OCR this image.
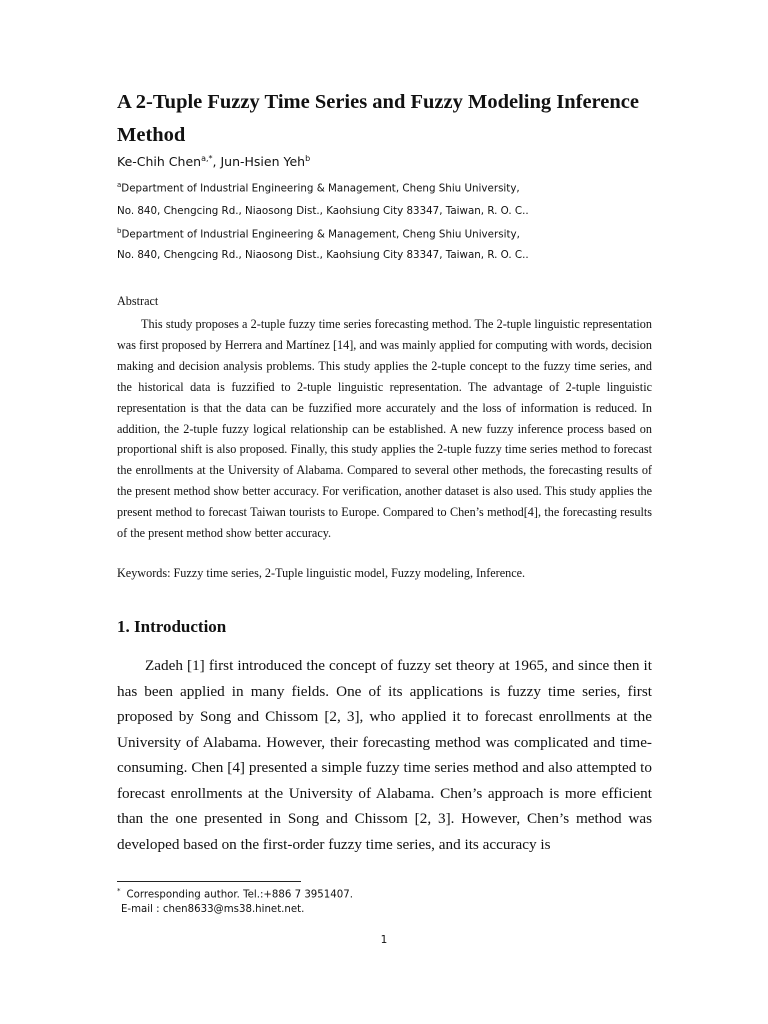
A 2-Tuple Fuzzy Time Series and Fuzzy Modeling Inference Method
Ke-Chih Chen$^{a,*}$, Jun-Hsien Yeh$^b$
$^a$Department of Industrial Engineering & Management, Cheng Shiu University,
No. 840, Chengcing Rd., Niaosong Dist., Kaohsiung City 83347, Taiwan, R. O. C..
$^b$Department of Industrial Engineering & Management, Cheng Shiu University,
No. 840, Chengcing Rd., Niaosong Dist., Kaohsiung City 83347, Taiwan, R. O. C..
Abstract

This study proposes a 2-tuple fuzzy time series forecasting method. The 2-tuple linguistic representation was first proposed by Herrera and Martínez [14], and was mainly applied for computing with words, decision making and decision analysis problems. This study applies the 2-tuple concept to the fuzzy time series, and the historical data is fuzzified to 2-tuple linguistic representation. The advantage of 2-tuple linguistic representation is that the data can be fuzzified more accurately and the loss of information is reduced. In addition, the 2-tuple fuzzy logical relationship can be established. A new fuzzy inference process based on proportional shift is also proposed. Finally, this study applies the 2-tuple fuzzy time series method to forecast the enrollments at the University of Alabama. Compared to several other methods, the forecasting results of the present method show better accuracy. For verification, another dataset is also used. This study applies the present method to forecast Taiwan tourists to Europe. Compared to Chen’s method[4], the forecasting results of the present method show better accuracy.

Keywords: Fuzzy time series, 2-Tuple linguistic model, Fuzzy modeling, Inference.
1. Introduction

Zadeh [1] first introduced the concept of fuzzy set theory at 1965, and since then it has been applied in many fields. One of its applications is fuzzy time series, first proposed by Song and Chissom [2, 3], who applied it to forecast enrollments at the University of Alabama. However, their forecasting method was complicated and time-consuming. Chen [4] presented a simple fuzzy time series method and also attempted to forecast enrollments at the University of Alabama. Chen’s approach is more efficient than the one presented in Song and Chissom [2, 3]. However, Chen’s method was developed based on the first-order fuzzy time series, and its accuracy is

* Corresponding author. Tel.:+886 7 3951407.
E-mail : chen8633@ms38.hinet.net.
1
